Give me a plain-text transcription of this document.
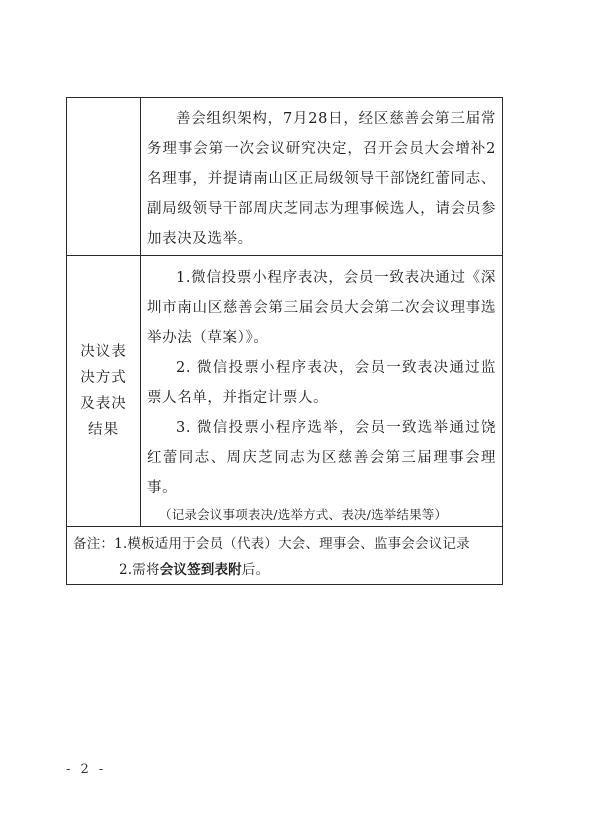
	善会组织架构，7月28日，经区慈善会第三届常务理事会第一次会议研究决定，召开会员大会增补2名理事，并提请南山区正局级领导干部饶红蕾同志、副局级领导干部周庆芝同志为理事候选人，请会员参加表决及选举。

决议表决方式及表决结果	1.微信投票小程序表决，会员一致表决通过《深圳市南山区慈善会第三届会员大会第二次会议理事选举办法（草案）》。

2. 微信投票小程序表决，会员一致表决通过监票人名单，并指定计票人。

3. 微信投票小程序选举，会员一致选举通过饶红蕾同志、周庆芝同志为区慈善会第三届理事会理事。

（记录会议事项表决/选举方式、表决/选举结果等）

备注：1.模板适用于会员（代表）大会、理事会、监事会会议记录

2.需将会议签到表附后。	

- 2 -
